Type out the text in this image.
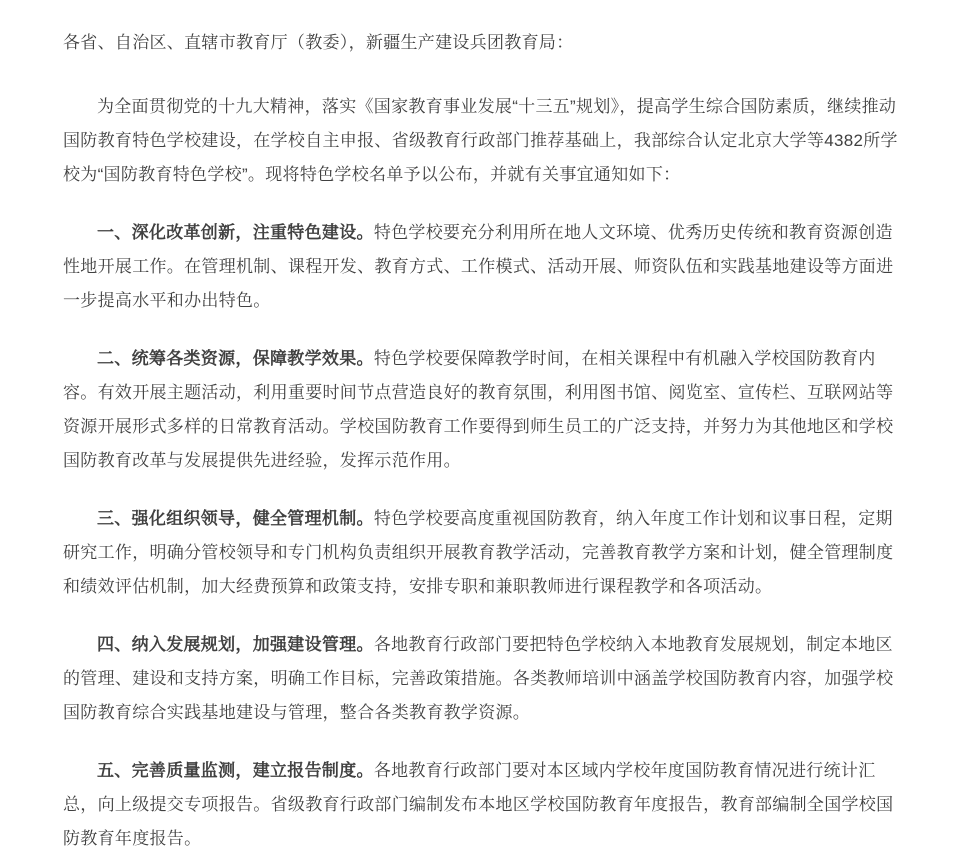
各省、自治区、直辖市教育厅（教委），新疆生产建设兵团教育局：

为全面贯彻党的十九大精神，落实《国家教育事业发展“十三五”规划》，提高学生综合国防素质，继续推动国防教育特色学校建设，在学校自主申报、省级教育行政部门推荐基础上，我部综合认定北京大学等4382所学校为“国防教育特色学校”。现将特色学校名单予以公布，并就有关事宜通知如下：

一、深化改革创新，注重特色建设。特色学校要充分利用所在地人文环境、优秀历史传统和教育资源创造性地开展工作。在管理机制、课程开发、教育方式、工作模式、活动开展、师资队伍和实践基地建设等方面进一步提高水平和办出特色。

二、统筹各类资源，保障教学效果。特色学校要保障教学时间，在相关课程中有机融入学校国防教育内容。有效开展主题活动，利用重要时间节点营造良好的教育氛围，利用图书馆、阅览室、宣传栏、互联网站等资源开展形式多样的日常教育活动。学校国防教育工作要得到师生员工的广泛支持，并努力为其他地区和学校国防教育改革与发展提供先进经验，发挥示范作用。

三、强化组织领导，健全管理机制。特色学校要高度重视国防教育，纳入年度工作计划和议事日程，定期研究工作，明确分管校领导和专门机构负责组织开展教育教学活动，完善教育教学方案和计划，健全管理制度和绩效评估机制，加大经费预算和政策支持，安排专职和兼职教师进行课程教学和各项活动。

四、纳入发展规划，加强建设管理。各地教育行政部门要把特色学校纳入本地教育发展规划，制定本地区的管理、建设和支持方案，明确工作目标，完善政策措施。各类教师培训中涵盖学校国防教育内容，加强学校国防教育综合实践基地建设与管理，整合各类教育教学资源。

五、完善质量监测，建立报告制度。各地教育行政部门要对本区域内学校年度国防教育情况进行统计汇总，向上级提交专项报告。省级教育行政部门编制发布本地区学校国防教育年度报告，教育部编制全国学校国防教育年度报告。
